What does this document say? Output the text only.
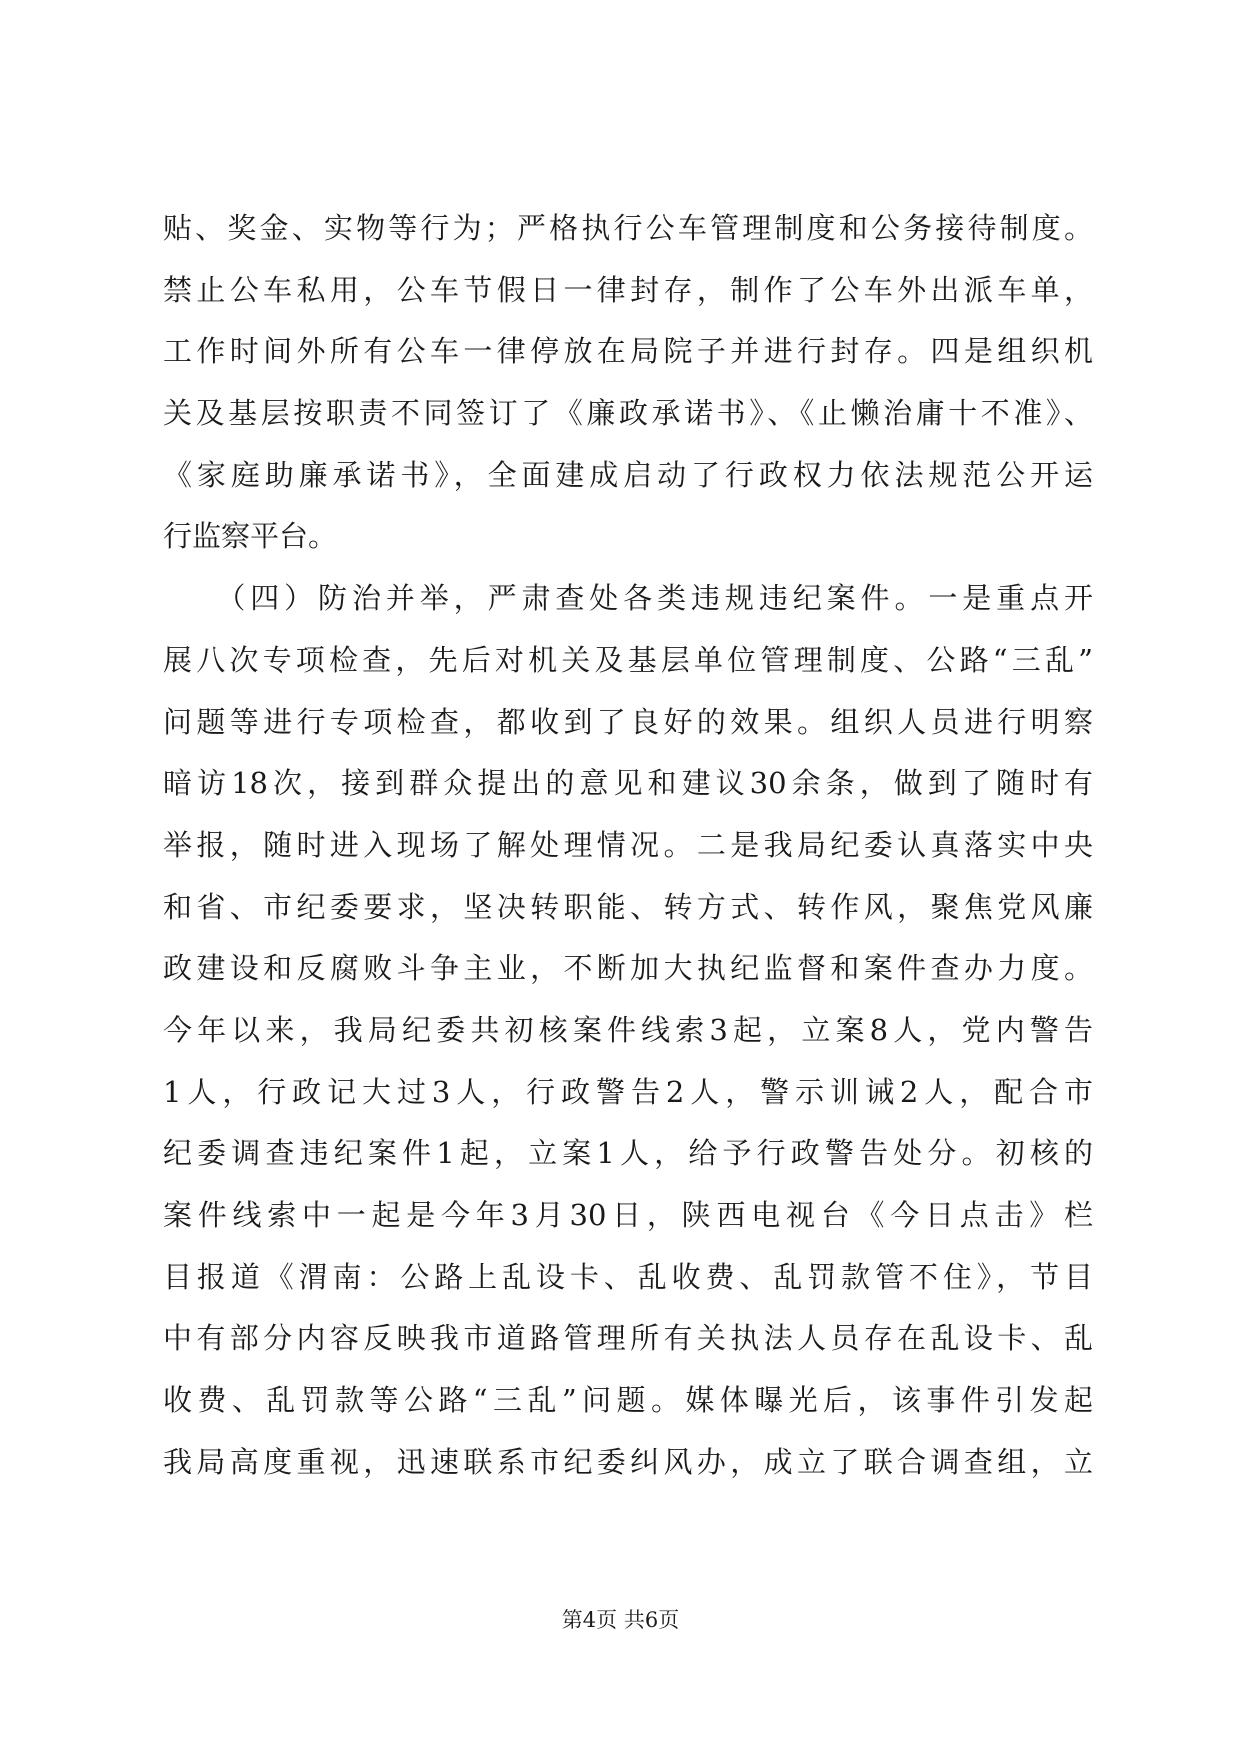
贴、奖金、实物等行为；严格执行公车管理制度和公务接待制度。
禁止公车私用，公车节假日一律封存，制作了公车外出派车单，
工作时间外所有公车一律停放在局院子并进行封存。四是组织机
关及基层按职责不同签订了《廉政承诺书》、《止懒治庸十不准》、
《家庭助廉承诺书》，全面建成启动了行政权力依法规范公开运
行监察平台。
　　（四）防治并举，严肃查处各类违规违纪案件。一是重点开
展八次专项检查，先后对机关及基层单位管理制度、公路“三乱”
问题等进行专项检查，都收到了良好的效果。组织人员进行明察
暗访18次，接到群众提出的意见和建议30余条，做到了随时有
举报，随时进入现场了解处理情况。二是我局纪委认真落实中央
和省、市纪委要求，坚决转职能、转方式、转作风，聚焦党风廉
政建设和反腐败斗争主业，不断加大执纪监督和案件查办力度。
今年以来，我局纪委共初核案件线索3起，立案8人，党内警告
1人，行政记大过3人，行政警告2人，警示训诫2人，配合市
纪委调查违纪案件1起，立案1人，给予行政警告处分。初核的
案件线索中一起是今年3月30日，陕西电视台《今日点击》栏
目报道《渭南：公路上乱设卡、乱收费、乱罚款管不住》，节目
中有部分内容反映我市道路管理所有关执法人员存在乱设卡、乱
收费、乱罚款等公路“三乱”问题。媒体曝光后，该事件引发起
我局高度重视，迅速联系市纪委纠风办，成立了联合调查组，立
第4页 共6页
